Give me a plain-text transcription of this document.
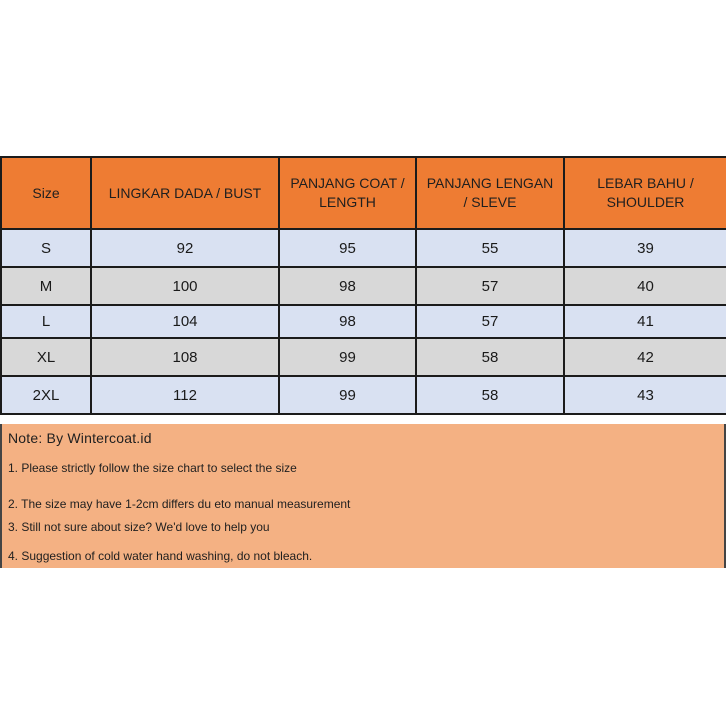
Size	LINGKAR DADA / BUST	PANJANG COAT / LENGTH	PANJANG LENGAN / SLEVE	LEBAR BAHU / SHOULDER

S	92	95	55	39
M	100	98	57	40
L	104	98	57	41
XL	108	99	58	42
2XL	112	99	58	43
Note: By Wintercoat.id
1. Please strictly follow the size chart to select the size
2. The size may have 1-2cm differs du eto manual measurement
3. Still not sure about size? We'd love to help you
4. Suggestion of cold water hand washing, do not bleach.
